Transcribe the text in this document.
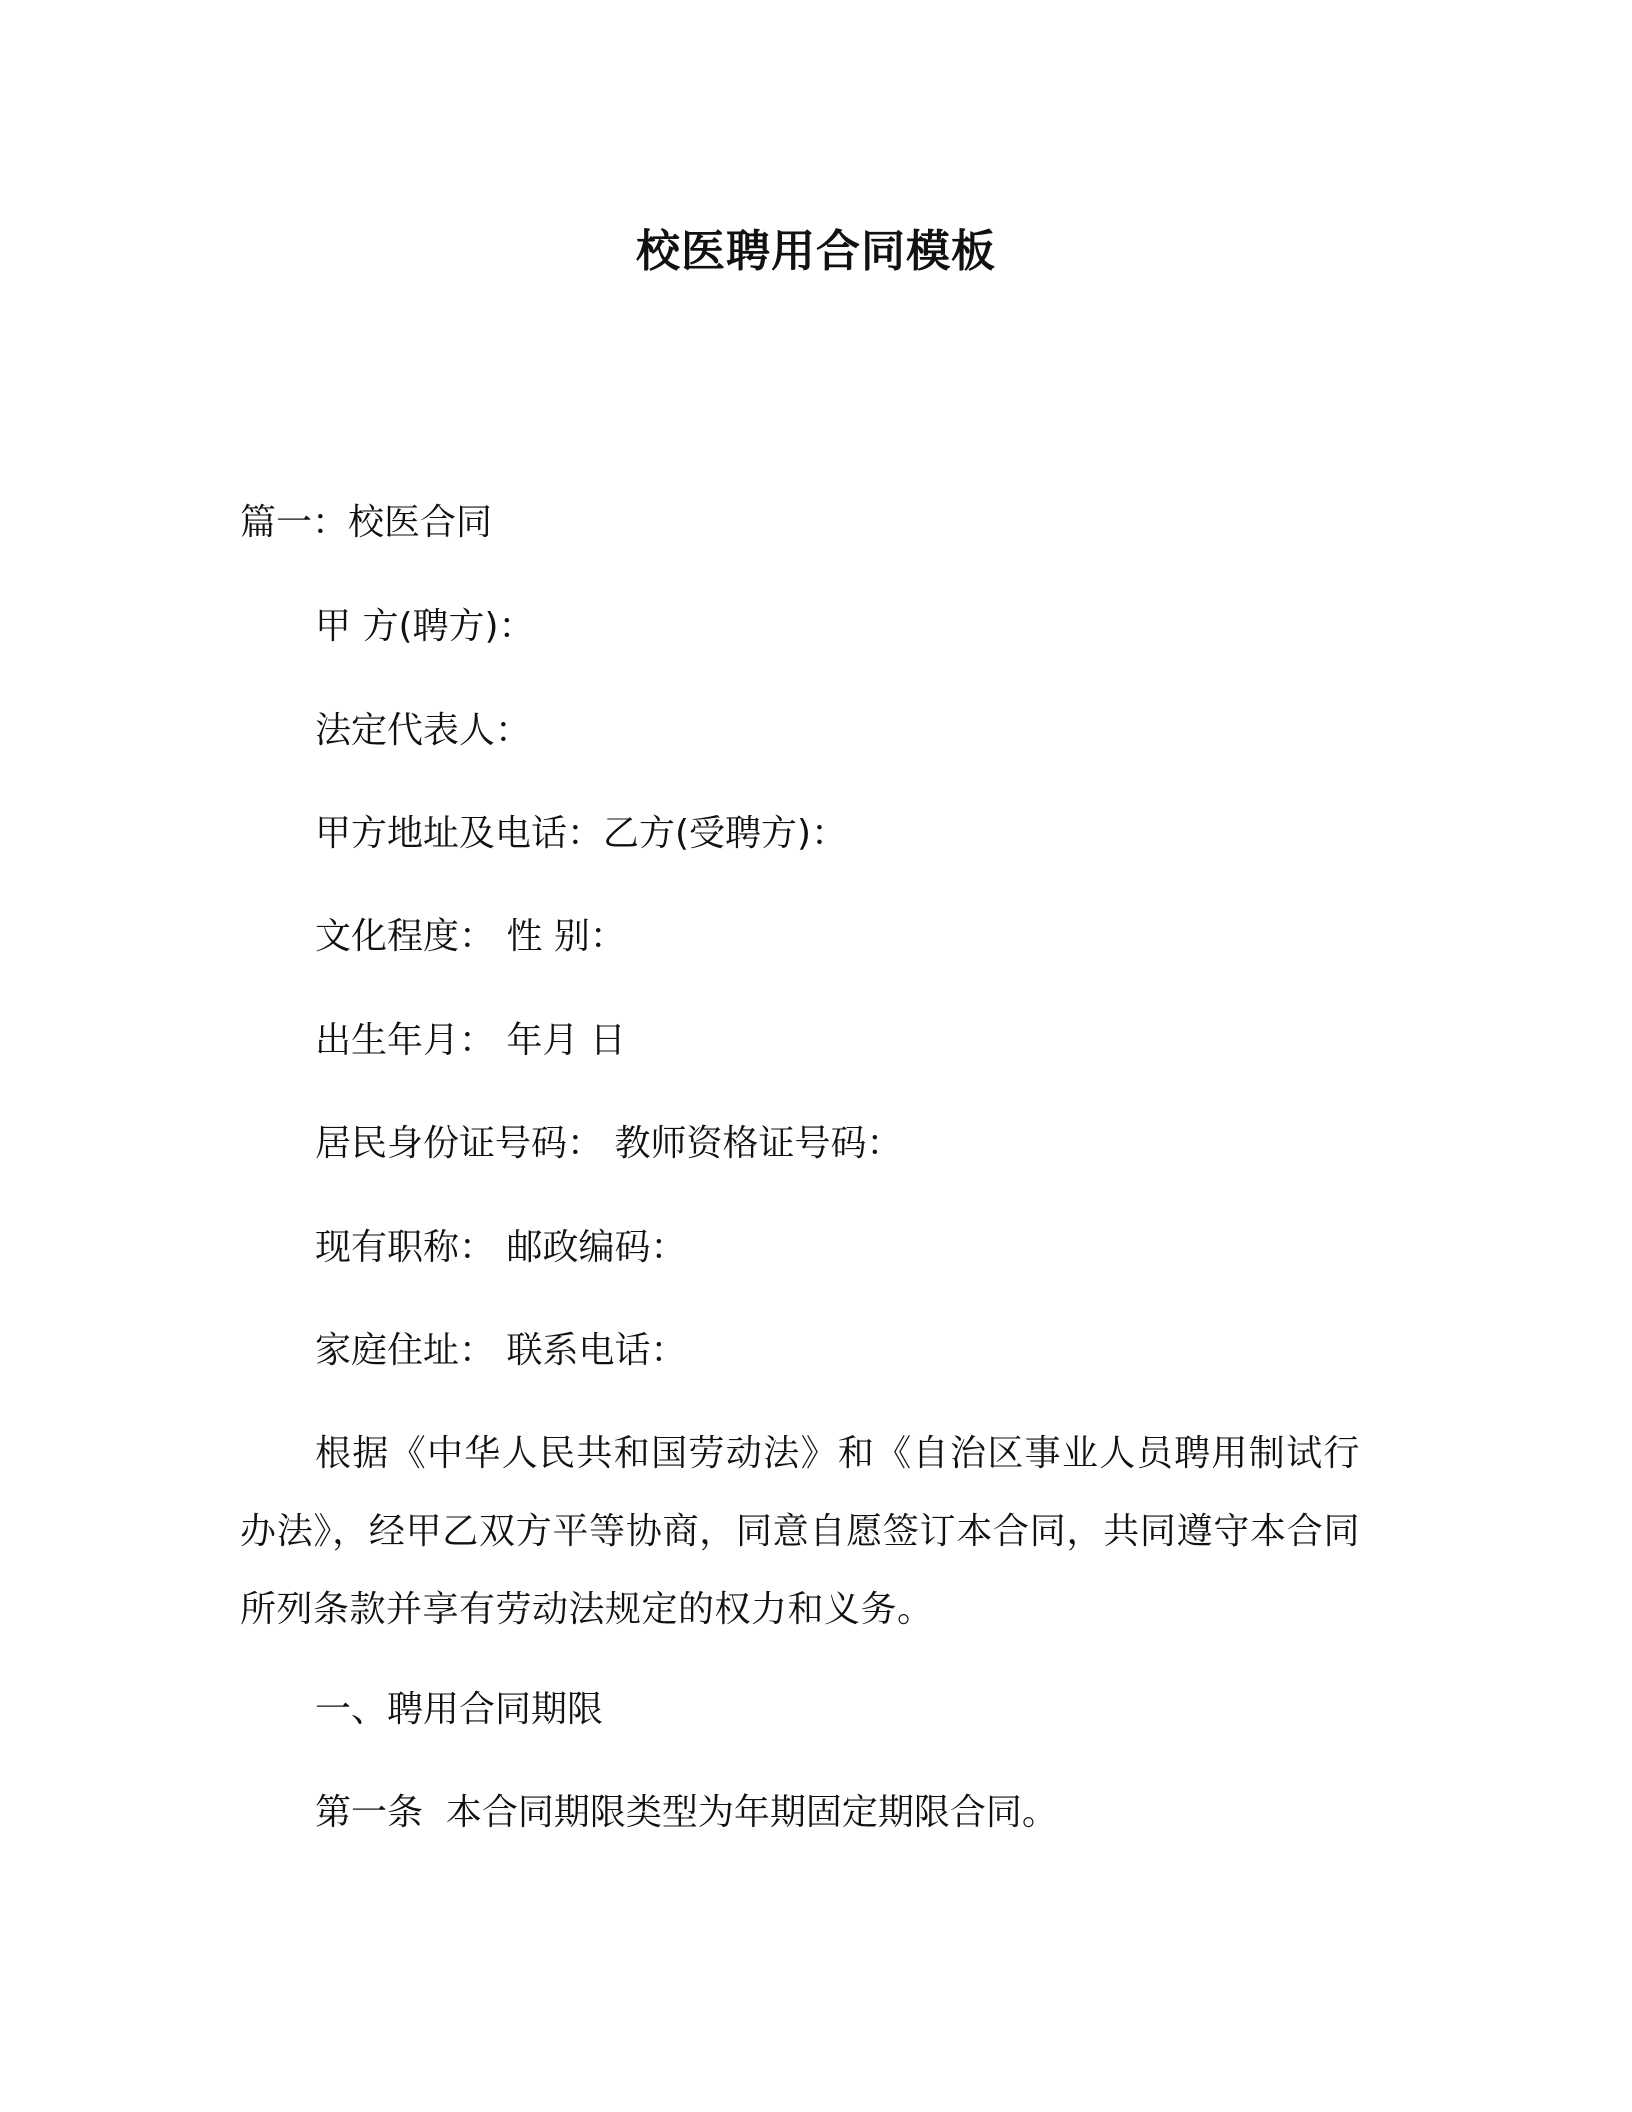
校医聘用合同模板
篇一：校医合同
甲 方(聘方)：
法定代表人：
甲方地址及电话：乙方(受聘方)：
文化程度： 性 别：
出生年月： 年月 日
居民身份证号码： 教师资格证号码：
现有职称： 邮政编码：
家庭住址： 联系电话：
根据《中华人民共和国劳动法》和《自治区事业人员聘用制试行办法》，经甲乙双方平等协商，同意自愿签订本合同，共同遵守本合同所列条款并享有劳动法规定的权力和义务。
一、聘用合同期限
第一条  本合同期限类型为年期固定期限合同。
